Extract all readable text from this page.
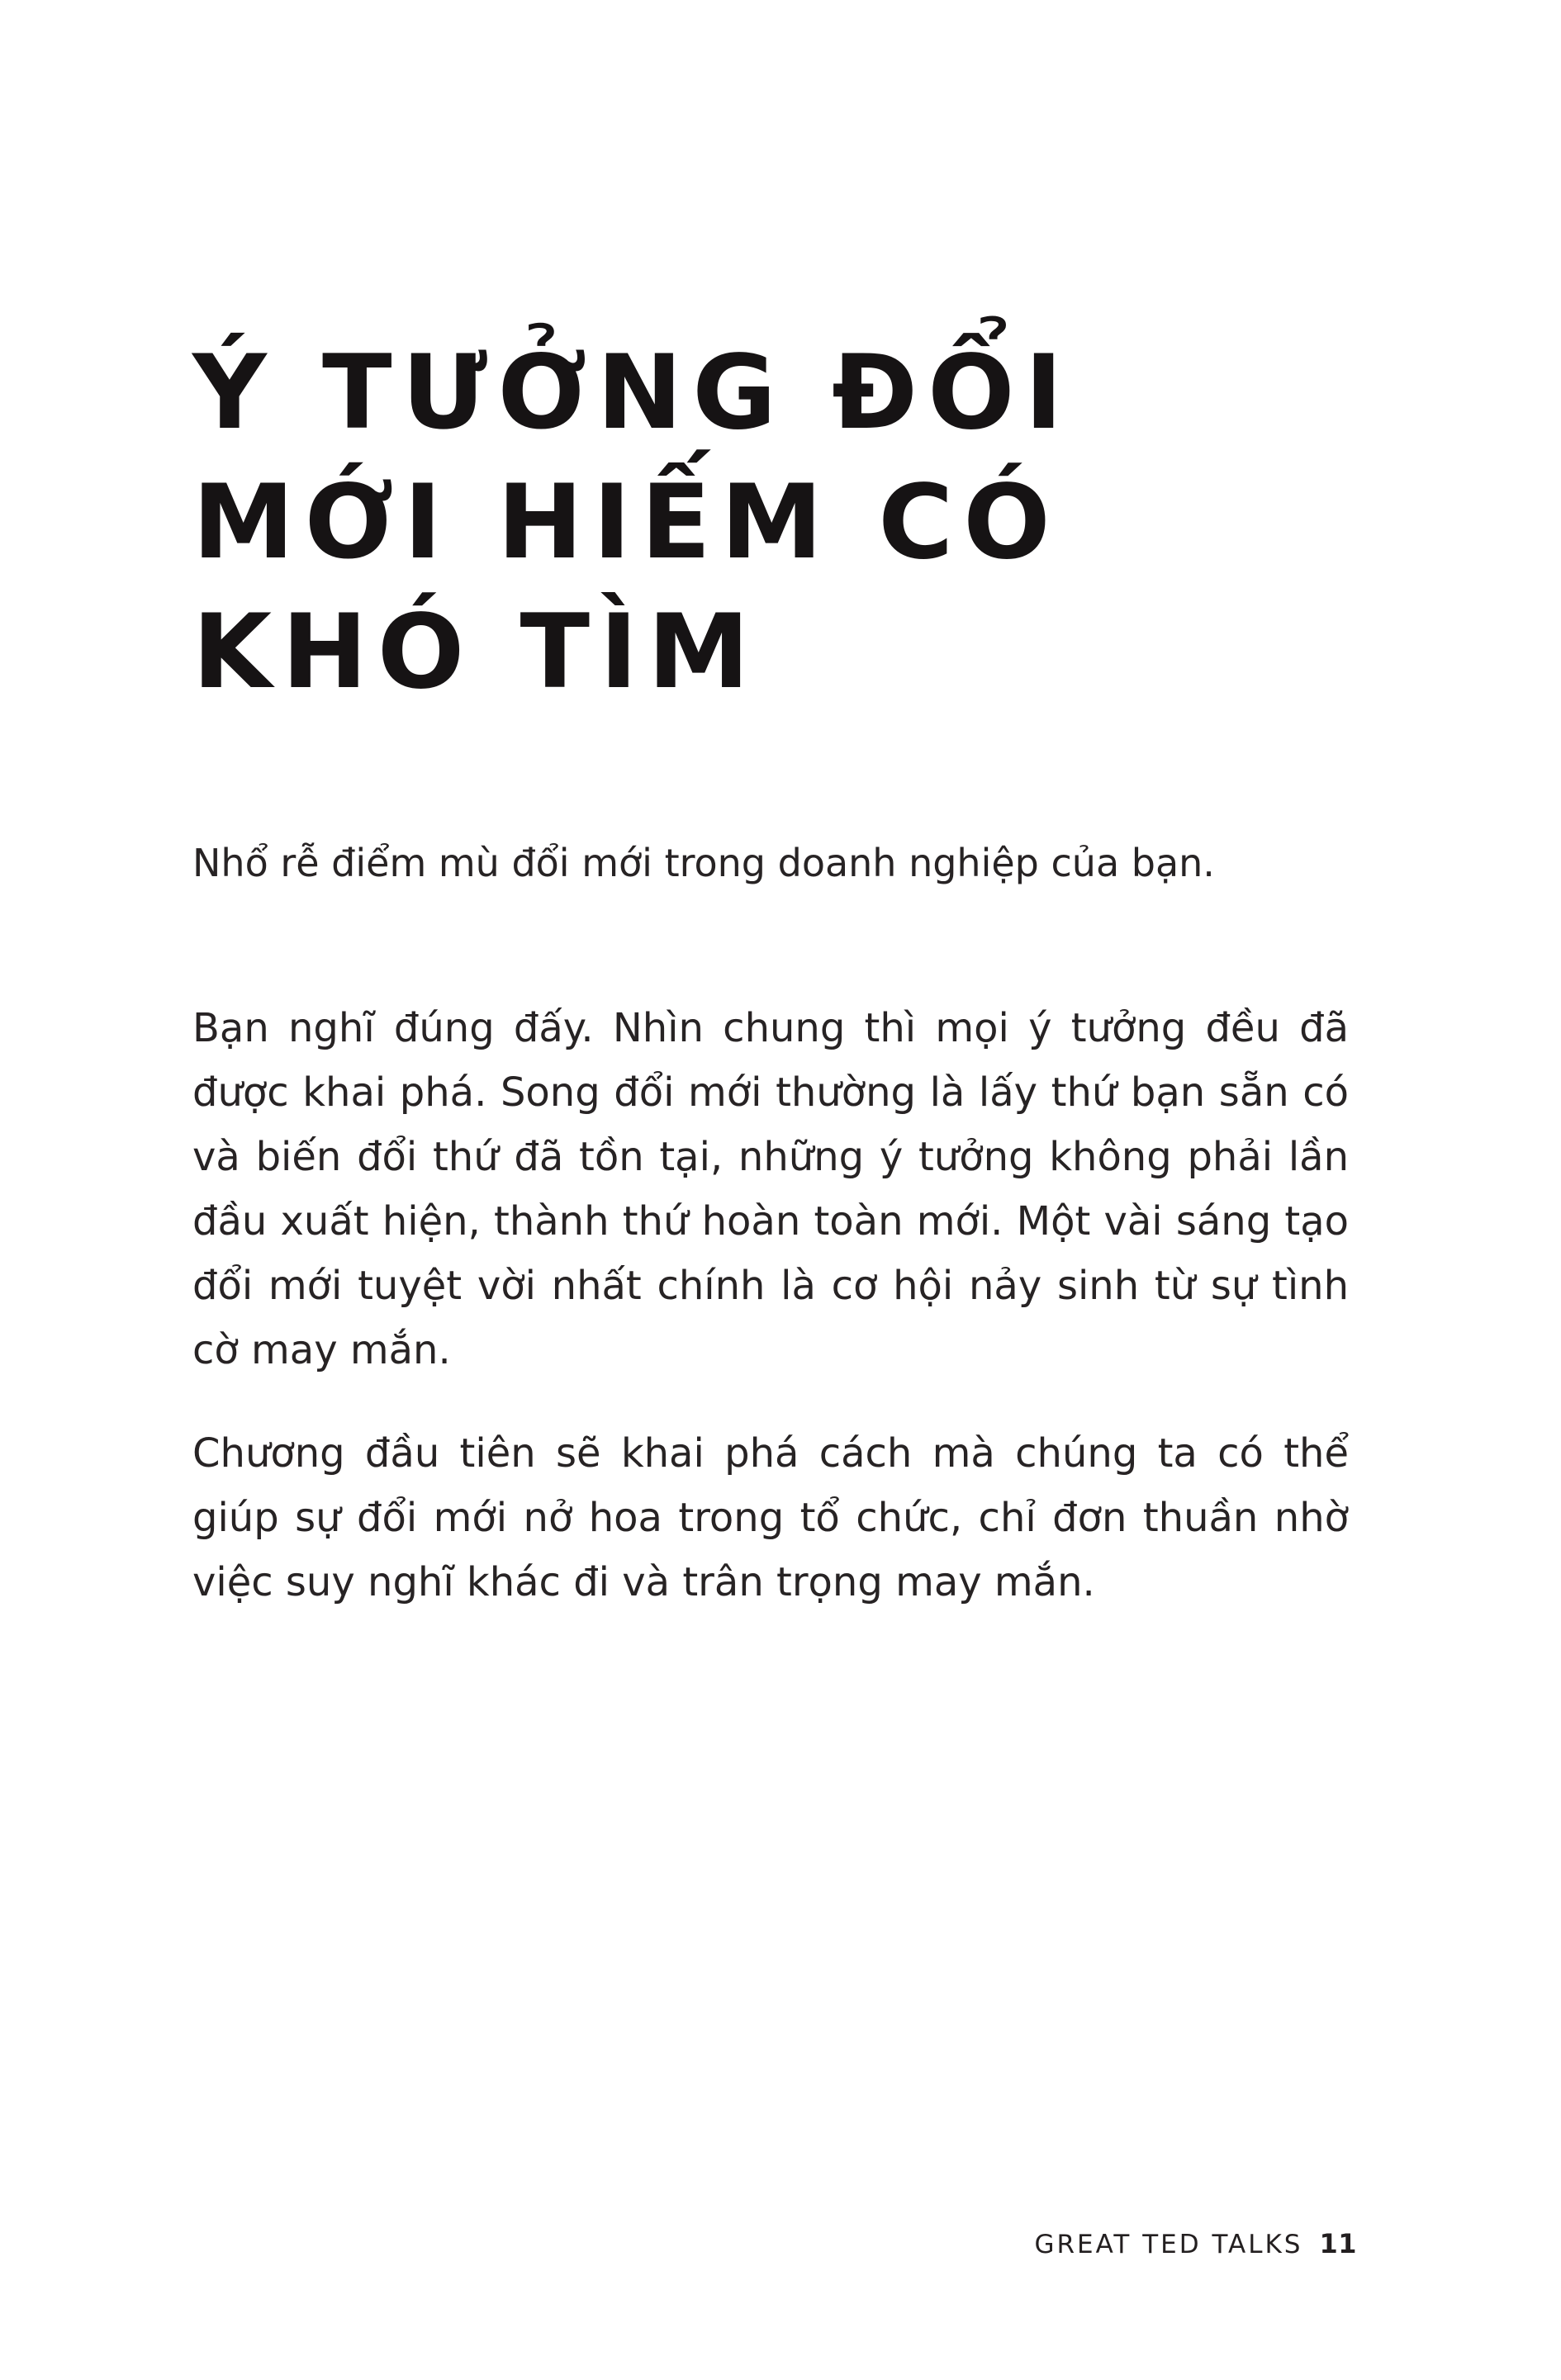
Ý TƯỞNG ĐỔI
MỚI HIẾM CÓ
KHÓ TÌM

Nhổ rễ điểm mù đổi mới trong doanh nghiệp của bạn.

Bạn nghĩ đúng đấy. Nhìn chung thì mọi ý tưởng đều đã được khai phá. Song đổi mới thường là lấy thứ bạn sẵn có và biến đổi thứ đã tồn tại, những ý tưởng không phải lần đầu xuất hiện, thành thứ hoàn toàn mới. Một vài sáng tạo đổi mới tuyệt vời nhất chính là cơ hội nảy sinh từ sự tình cờ may mắn.

Chương đầu tiên sẽ khai phá cách mà chúng ta có thể giúp sự đổi mới nở hoa trong tổ chức, chỉ đơn thuần nhờ việc suy nghĩ khác đi và trân trọng may mắn.

GREAT TED TALKS 11
